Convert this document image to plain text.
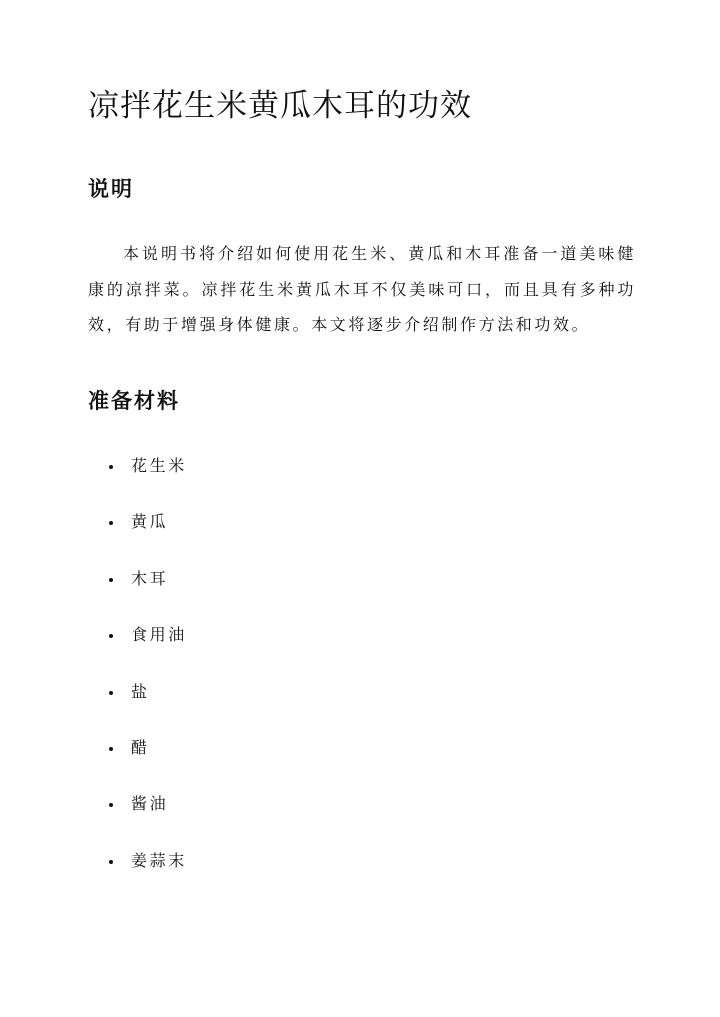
凉拌花生米黄瓜木耳的功效
说明

本说明书将介绍如何使用花生米、黄瓜和木耳准备一道美味健康的凉拌菜。凉拌花生米黄瓜木耳不仅美味可口，而且具有多种功效，有助于增强身体健康。本文将逐步介绍制作方法和功效。

准备材料
花生米
黄瓜
木耳
食用油
盐
醋
酱油
姜蒜末
